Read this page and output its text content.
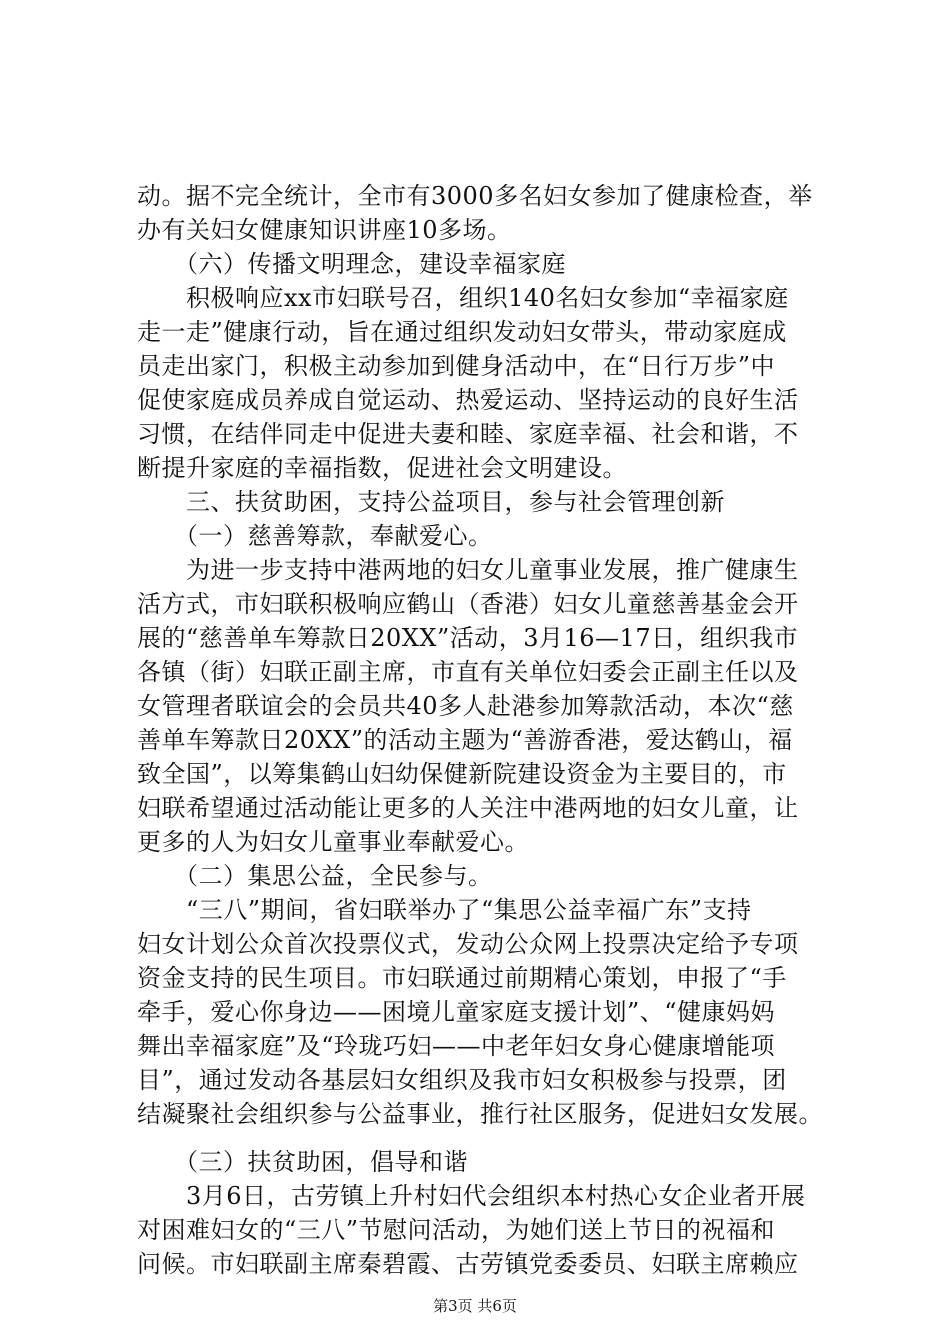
动。据不完全统计，全市有3000多名妇女参加了健康检查，举
办有关妇女健康知识讲座10多场。
　　（六）传播文明理念，建设幸福家庭
　　积极响应xx市妇联号召，组织140名妇女参加“幸福家庭
走一走”健康行动，旨在通过组织发动妇女带头，带动家庭成
员走出家门，积极主动参加到健身活动中，在“日行万步”中
促使家庭成员养成自觉运动、热爱运动、坚持运动的良好生活
习惯，在结伴同走中促进夫妻和睦、家庭幸福、社会和谐，不
断提升家庭的幸福指数，促进社会文明建设。
　　三、扶贫助困，支持公益项目，参与社会管理创新
　　（一）慈善筹款，奉献爱心。
　　为进一步支持中港两地的妇女儿童事业发展，推广健康生
活方式，市妇联积极响应鹤山（香港）妇女儿童慈善基金会开
展的“慈善单车筹款日20XX”活动，3月16—17日，组织我市
各镇（街）妇联正副主席，市直有关单位妇委会正副主任以及
女管理者联谊会的会员共40多人赴港参加筹款活动，本次“慈
善单车筹款日20XX”的活动主题为“善游香港，爱达鹤山，福
致全国”，以筹集鹤山妇幼保健新院建设资金为主要目的，市
妇联希望通过活动能让更多的人关注中港两地的妇女儿童，让
更多的人为妇女儿童事业奉献爱心。
　　（二）集思公益，全民参与。
　　“三八”期间，省妇联举办了“集思公益幸福广东”支持
妇女计划公众首次投票仪式，发动公众网上投票决定给予专项
资金支持的民生项目。市妇联通过前期精心策划，申报了“手
牵手，爱心你身边——困境儿童家庭支援计划”、“健康妈妈
舞出幸福家庭”及“玲珑巧妇——中老年妇女身心健康增能项
目”，通过发动各基层妇女组织及我市妇女积极参与投票，团
结凝聚社会组织参与公益事业，推行社区服务，促进妇女发展。
　　（三）扶贫助困，倡导和谐
　　3月6日，古劳镇上升村妇代会组织本村热心女企业者开展
对困难妇女的“三八”节慰问活动，为她们送上节日的祝福和
问候。市妇联副主席秦碧霞、古劳镇党委委员、妇联主席赖应
第3页 共6页
